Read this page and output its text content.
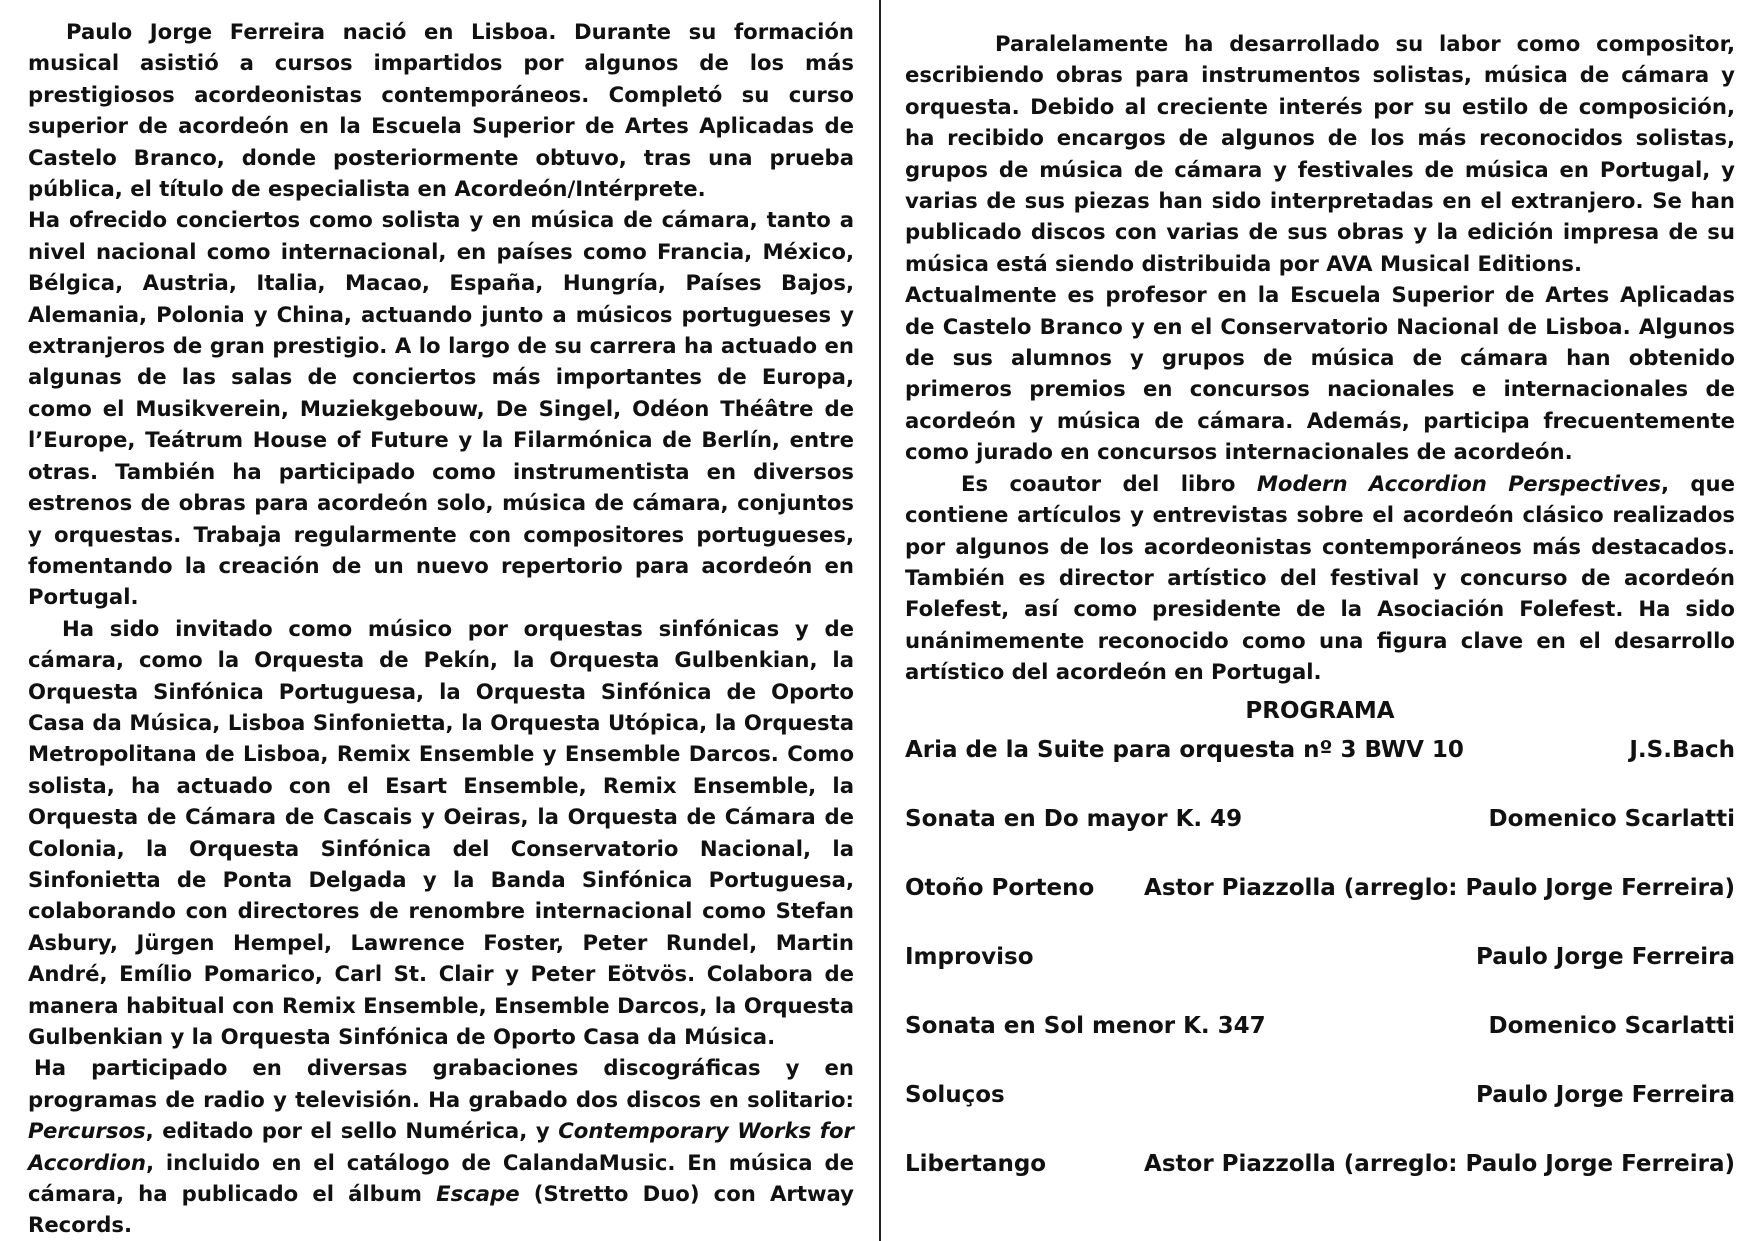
Paulo Jorge Ferreira nació en Lisboa. Durante su formación musical asistió a cursos impartidos por algunos de los más prestigiosos acordeonistas contemporáneos. Completó su curso superior de acordeón en la Escuela Superior de Artes Aplicadas de Castelo Branco, donde posteriormente obtuvo, tras una prueba pública, el título de especialista en Acordeón/Intérprete.

Ha ofrecido conciertos como solista y en música de cámara, tanto a nivel nacional como internacional, en países como Francia, México, Bélgica, Austria, Italia, Macao, España, Hungría, Países Bajos, Alemania, Polonia y China, actuando junto a músicos portugueses y extranjeros de gran prestigio. A lo largo de su carrera ha actuado en algunas de las salas de conciertos más importantes de Europa, como el Musikverein, Muziekgebouw, De Singel, Odéon Théâtre de l’Europe, Teátrum House of Future y la Filarmónica de Berlín, entre otras. También ha participado como instrumentista en diversos estrenos de obras para acordeón solo, música de cámara, conjuntos y orquestas. Trabaja regularmente con compositores portugueses, fomentando la creación de un nuevo repertorio para acordeón en Portugal.

Ha sido invitado como músico por orquestas sinfónicas y de cámara, como la Orquesta de Pekín, la Orquesta Gulbenkian, la Orquesta Sinfónica Portuguesa, la Orquesta Sinfónica de Oporto Casa da Música, Lisboa Sinfonietta, la Orquesta Utópica, la Orquesta Metropolitana de Lisboa, Remix Ensemble y Ensemble Darcos. Como solista, ha actuado con el Esart Ensemble, Remix Ensemble, la Orquesta de Cámara de Cascais y Oeiras, la Orquesta de Cámara de Colonia, la Orquesta Sinfónica del Conservatorio Nacional, la Sinfonietta de Ponta Delgada y la Banda Sinfónica Portuguesa, colaborando con directores de renombre internacional como Stefan Asbury, Jürgen Hempel, Lawrence Foster, Peter Rundel, Martin André, Emílio Pomarico, Carl St. Clair y Peter Eötvös. Colabora de manera habitual con Remix Ensemble, Ensemble Darcos, la Orquesta Gulbenkian y la Orquesta Sinfónica de Oporto Casa da Música.

Ha participado en diversas grabaciones discográficas y en programas de radio y televisión. Ha grabado dos discos en solitario: Percursos, editado por el sello Numérica, y Contemporary Works for Accordion, incluido en el catálogo de CalandaMusic. En música de cámara, ha publicado el álbum Escape (Stretto Duo) con Artway Records.

Paralelamente ha desarrollado su labor como compositor, escribiendo obras para instrumentos solistas, música de cámara y orquesta. Debido al creciente interés por su estilo de composición, ha recibido encargos de algunos de los más reconocidos solistas, grupos de música de cámara y festivales de música en Portugal, y varias de sus piezas han sido interpretadas en el extranjero. Se han publicado discos con varias de sus obras y la edición impresa de su música está siendo distribuida por AVA Musical Editions.

Actualmente es profesor en la Escuela Superior de Artes Aplicadas de Castelo Branco y en el Conservatorio Nacional de Lisboa. Algunos de sus alumnos y grupos de música de cámara han obtenido primeros premios en concursos nacionales e internacionales de acordeón y música de cámara. Además, participa frecuentemente como jurado en concursos internacionales de acordeón.

Es coautor del libro Modern Accordion Perspectives, que contiene artículos y entrevistas sobre el acordeón clásico realizados por algunos de los acordeonistas contemporáneos más destacados. También es director artístico del festival y concurso de acordeón Folefest, así como presidente de la Asociación Folefest. Ha sido unánimemente reconocido como una figura clave en el desarrollo artístico del acordeón en Portugal.

PROGRAMA
Aria de la Suite para orquesta nº 3 BWV 10	J.S.Bach
Sonata en Do mayor K. 49	Domenico Scarlatti
Otoño Porteno Astor Piazzolla (arreglo: Paulo Jorge Ferreira)
Improviso	Paulo Jorge Ferreira
Sonata en Sol menor K. 347	Domenico Scarlatti
Soluços	Paulo Jorge Ferreira
Libertango	Astor Piazzolla (arreglo: Paulo Jorge Ferreira)
